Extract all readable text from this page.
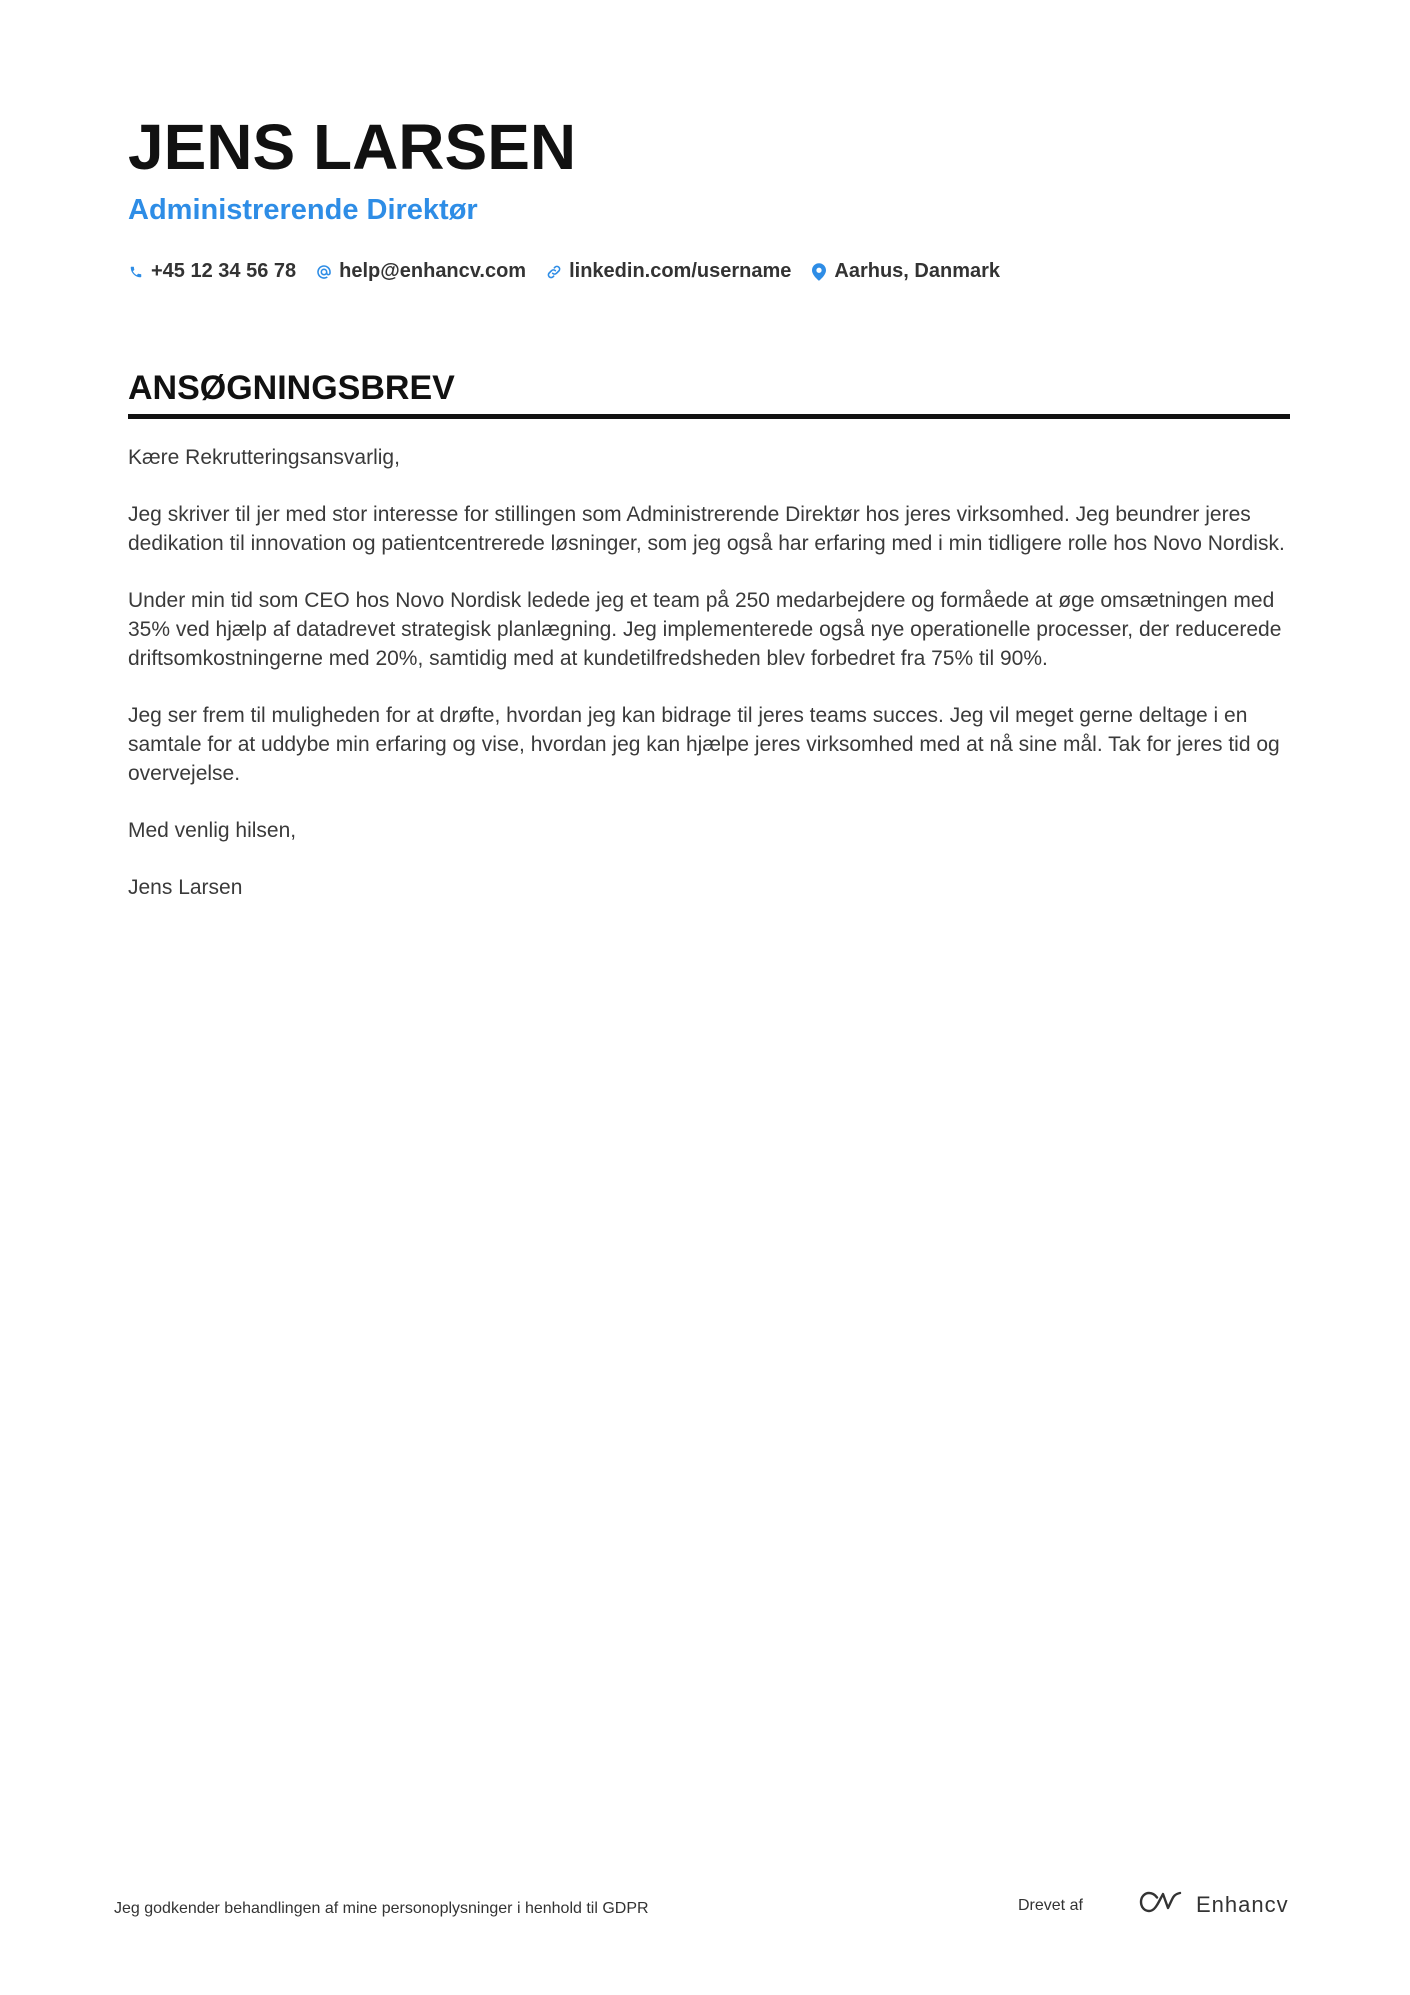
JENS LARSEN
Administrerende Direktør
+45 12 34 56 78 help@enhancv.com linkedin.com/username Aarhus, Danmark
ANSØGNINGSBREV

Kære Rekrutteringsansvarlig,

Jeg skriver til jer med stor interesse for stillingen som Administrerende Direktør hos jeres virksomhed. Jeg beundrer jeres dedikation til innovation og patientcentrerede løsninger, som jeg også har erfaring med i min tidligere rolle hos Novo Nordisk.

Under min tid som CEO hos Novo Nordisk ledede jeg et team på 250 medarbejdere og formåede at øge omsætningen med 35% ved hjælp af datadrevet strategisk planlægning. Jeg implementerede også nye operationelle processer, der reducerede driftsomkostningerne med 20%, samtidig med at kundetilfredsheden blev forbedret fra 75% til 90%.

Jeg ser frem til muligheden for at drøfte, hvordan jeg kan bidrage til jeres teams succes. Jeg vil meget gerne deltage i en samtale for at uddybe min erfaring og vise, hvordan jeg kan hjælpe jeres virksomhed med at nå sine mål. Tak for jeres tid og overvejelse.

Med venlig hilsen,

Jens Larsen

Jeg godkender behandlingen af mine personoplysninger i henhold til GDPR	Drevet af	Enhancv
